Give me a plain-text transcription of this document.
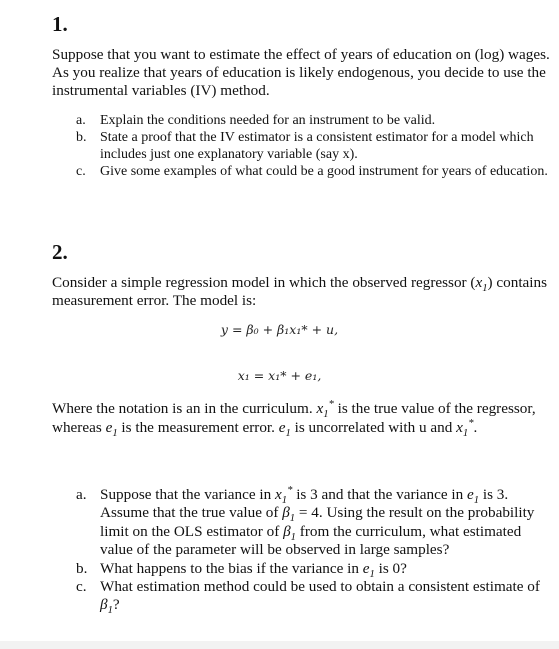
1.
Suppose that you want to estimate the effect of years of education on (log) wages. As you realize that years of education is likely endogenous, you decide to use the instrumental variables (IV) method.
a. Explain the conditions needed for an instrument to be valid.
b. State a proof that the IV estimator is a consistent estimator for a model which includes just one explanatory variable (say x).
c. Give some examples of what could be a good instrument for years of education.
2.
Consider a simple regression model in which the observed regressor $(x_1)$ contains measurement error. The model is:
y = β₀ + β₁x₁* + u,
x₁ = x₁* + e₁,
Where the notation is an in the curriculum. $x_1^*$ is the true value of the regressor, whereas $e_1$ is the measurement error. $e_1$ is uncorrelated with u and $x_1^*$.
a. Suppose that the variance in $x_1^*$ is 3 and that the variance in $e_1$ is 3. Assume that the true value of $\beta_1 = 4$. Using the result on the probability limit on the OLS estimator of $\beta_1$ from the curriculum, what estimated value of the parameter will be observed in large samples?
b. What happens to the bias if the variance in $e_1$ is 0?
c. What estimation method could be used to obtain a consistent estimate of $\beta_1$?
